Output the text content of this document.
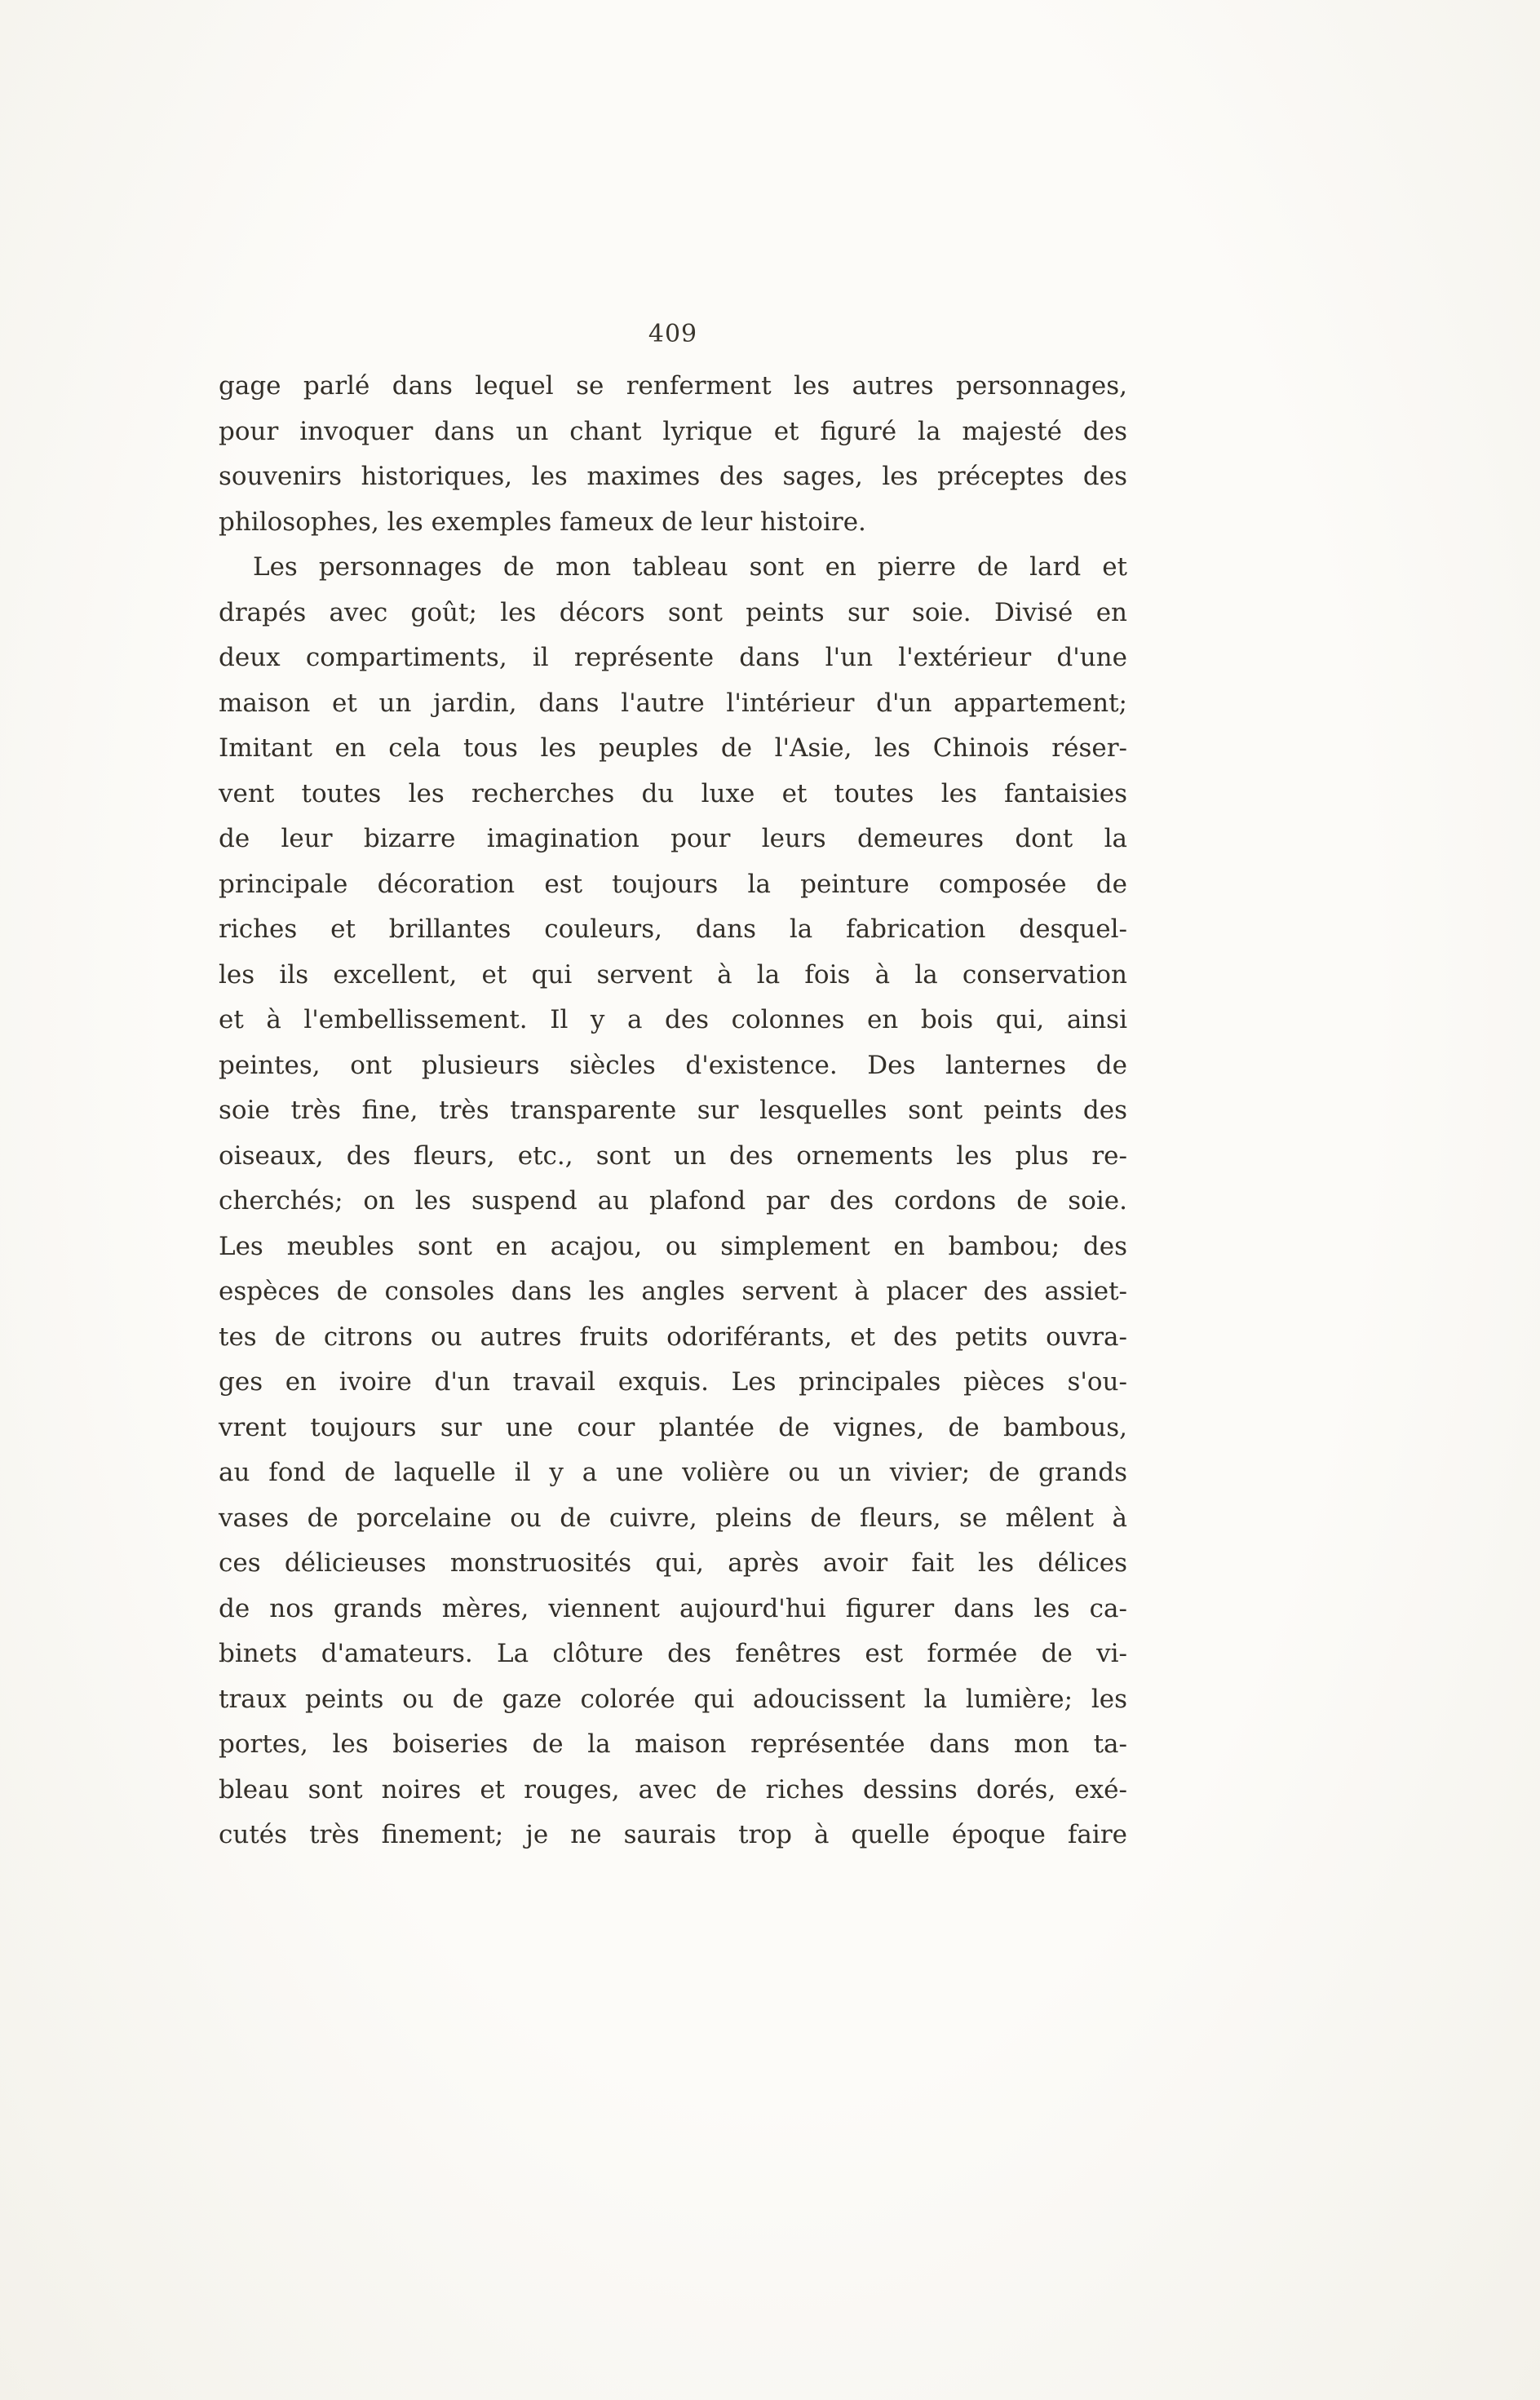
409
gage parlé dans lequel se renferment les autres personnages,
pour invoquer dans un chant lyrique et figuré la majesté des
souvenirs historiques, les maximes des sages, les préceptes des
philosophes, les exemples fameux de leur histoire.
Les personnages de mon tableau sont en pierre de lard et
drapés avec goût; les décors sont peints sur soie. Divisé en
deux compartiments, il représente dans l'un l'extérieur d'une
maison et un jardin, dans l'autre l'intérieur d'un appartement;
Imitant en cela tous les peuples de l'Asie, les Chinois réser-
vent toutes les recherches du luxe et toutes les fantaisies
de leur bizarre imagination pour leurs demeures dont la
principale décoration est toujours la peinture composée de
riches et brillantes couleurs, dans la fabrication desquel-
les ils excellent, et qui servent à la fois à la conservation
et à l'embellissement. Il y a des colonnes en bois qui, ainsi
peintes, ont plusieurs siècles d'existence. Des lanternes de
soie très fine, très transparente sur lesquelles sont peints des
oiseaux, des fleurs, etc., sont un des ornements les plus re-
cherchés; on les suspend au plafond par des cordons de soie.
Les meubles sont en acajou, ou simplement en bambou; des
espèces de consoles dans les angles servent à placer des assiet-
tes de citrons ou autres fruits odoriférants, et des petits ouvra-
ges en ivoire d'un travail exquis. Les principales pièces s'ou-
vrent toujours sur une cour plantée de vignes, de bambous,
au fond de laquelle il y a une volière ou un vivier; de grands
vases de porcelaine ou de cuivre, pleins de fleurs, se mêlent à
ces délicieuses monstruosités qui, après avoir fait les délices
de nos grands mères, viennent aujourd'hui figurer dans les ca-
binets d'amateurs. La clôture des fenêtres est formée de vi-
traux peints ou de gaze colorée qui adoucissent la lumière; les
portes, les boiseries de la maison représentée dans mon ta-
bleau sont noires et rouges, avec de riches dessins dorés, exé-
cutés très finement; je ne saurais trop à quelle époque faire
